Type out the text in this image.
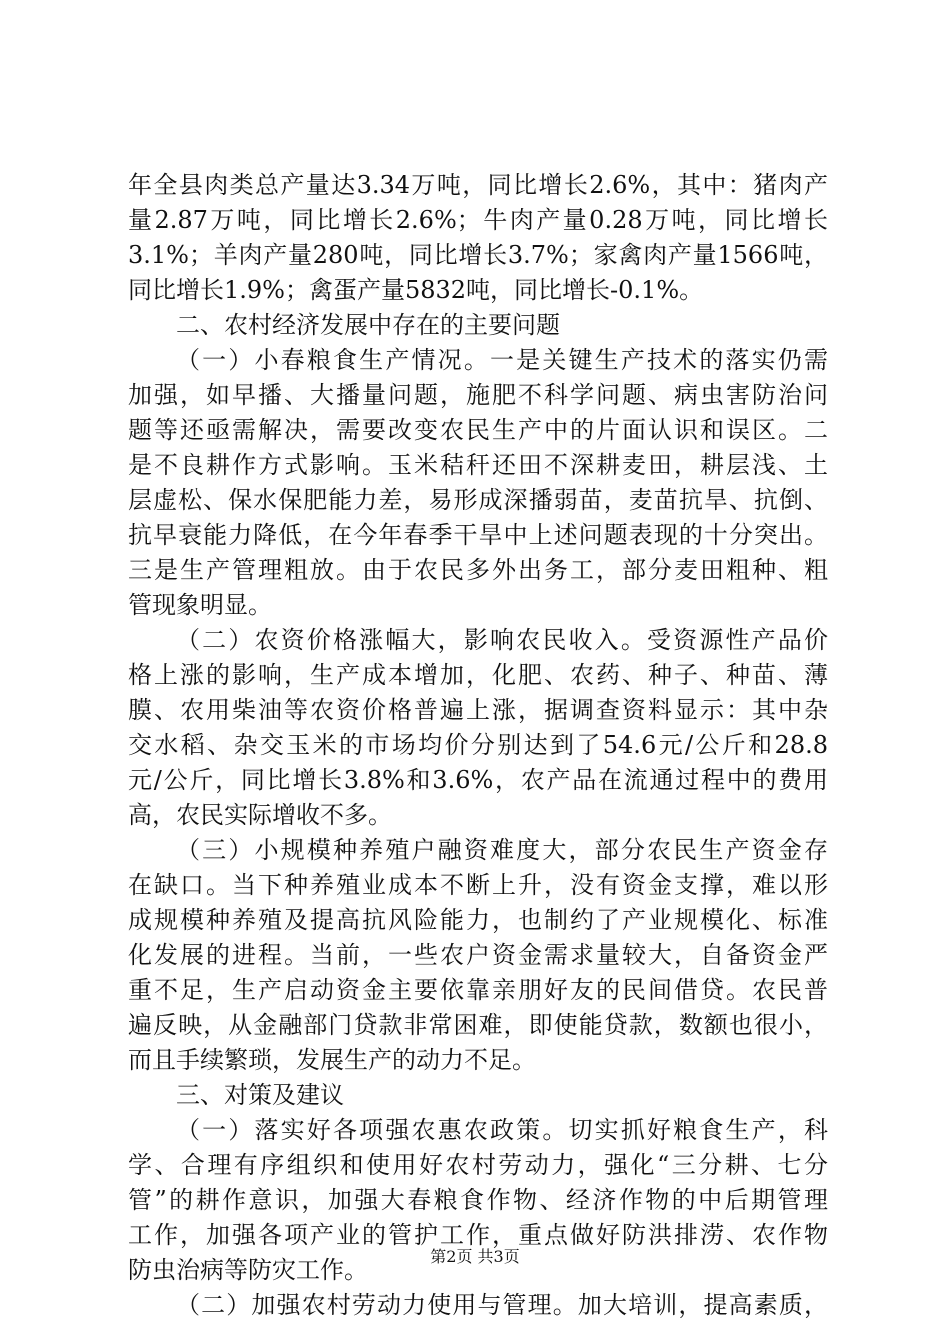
年全县肉类总产量达3.34万吨，同比增长2.6%，其中：猪肉产
量2.87万吨，同比增长2.6%；牛肉产量0.28万吨，同比增长
3.1%；羊肉产量280吨，同比增长3.7%；家禽肉产量1566吨，
同比增长1.9%；禽蛋产量5832吨，同比增长-0.1%。
二、农村经济发展中存在的主要问题
（一）小春粮食生产情况。一是关键生产技术的落实仍需
加强，如早播、大播量问题，施肥不科学问题、病虫害防治问
题等还亟需解决，需要改变农民生产中的片面认识和误区。二
是不良耕作方式影响。玉米秸秆还田不深耕麦田，耕层浅、土
层虚松、保水保肥能力差，易形成深播弱苗，麦苗抗旱、抗倒、
抗早衰能力降低，在今年春季干旱中上述问题表现的十分突出。
三是生产管理粗放。由于农民多外出务工，部分麦田粗种、粗
管现象明显。
（二）农资价格涨幅大，影响农民收入。受资源性产品价
格上涨的影响，生产成本增加，化肥、农药、种子、种苗、薄
膜、农用柴油等农资价格普遍上涨，据调查资料显示：其中杂
交水稻、杂交玉米的市场均价分别达到了54.6元/公斤和28.8
元/公斤，同比增长3.8%和3.6%，农产品在流通过程中的费用
高，农民实际增收不多。
（三）小规模种养殖户融资难度大，部分农民生产资金存
在缺口。当下种养殖业成本不断上升，没有资金支撑，难以形
成规模种养殖及提高抗风险能力，也制约了产业规模化、标准
化发展的进程。当前，一些农户资金需求量较大，自备资金严
重不足，生产启动资金主要依靠亲朋好友的民间借贷。农民普
遍反映，从金融部门贷款非常困难，即使能贷款，数额也很小，
而且手续繁琐，发展生产的动力不足。
三、对策及建议
（一）落实好各项强农惠农政策。切实抓好粮食生产，科
学、合理有序组织和使用好农村劳动力，强化“三分耕、七分
管”的耕作意识，加强大春粮食作物、经济作物的中后期管理
工作，加强各项产业的管护工作，重点做好防洪排涝、农作物
防虫治病等防灾工作。
（二）加强农村劳动力使用与管理。加大培训，提高素质，
第2页 共3页
